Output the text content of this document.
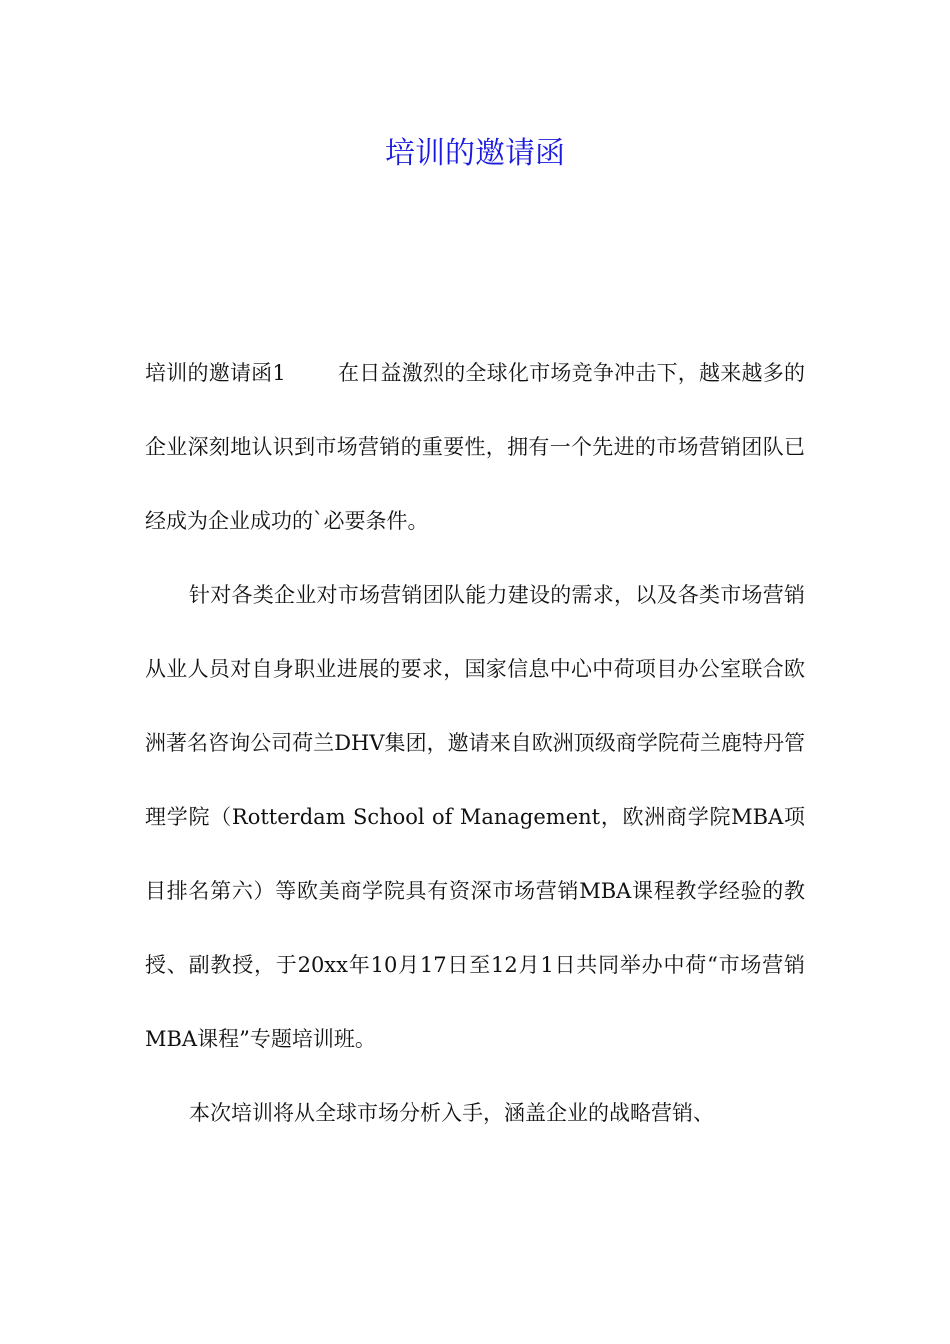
培训的邀请函

培训的邀请函1 在日益激烈的全球化市场竞争冲击下，越来越多的企业深刻地认识到市场营销的重要性，拥有一个先进的市场营销团队已经成为企业成功的`必要条件。

针对各类企业对市场营销团队能力建设的需求，以及各类市场营销从业人员对自身职业进展的要求，国家信息中心中荷项目办公室联合欧洲著名咨询公司荷兰DHV集团，邀请来自欧洲顶级商学院荷兰鹿特丹管理学院（Rotterdam School of Management，欧洲商学院MBA项目排名第六）等欧美商学院具有资深市场营销MBA课程教学经验的教授、副教授，于20xx年10月17日至12月1日共同举办中荷“市场营销MBA课程”专题培训班。

本次培训将从全球市场分析入手，涵盖企业的战略营销、
